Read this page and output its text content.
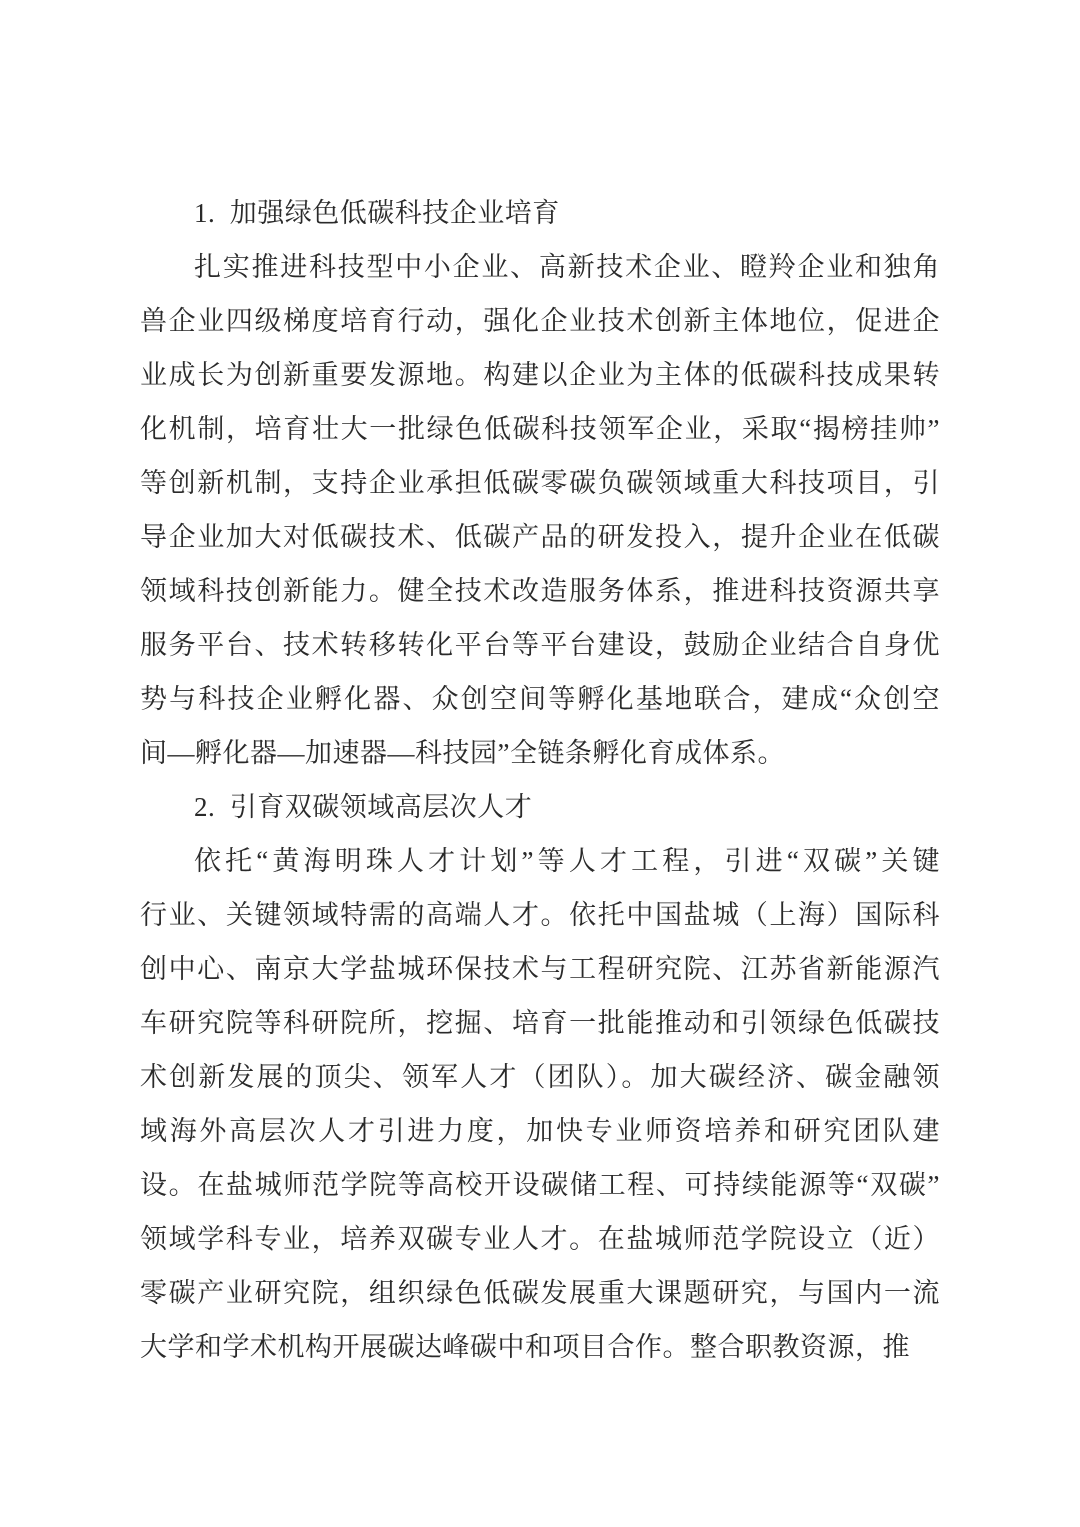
1.  加强绿色低碳科技企业培育

扎实推进科技型中小企业、高新技术企业、瞪羚企业和独角

兽企业四级梯度培育行动，强化企业技术创新主体地位，促进企

业成长为创新重要发源地。构建以企业为主体的低碳科技成果转

化机制，培育壮大一批绿色低碳科技领军企业，采取“揭榜挂帅”

等创新机制，支持企业承担低碳零碳负碳领域重大科技项目，引

导企业加大对低碳技术、低碳产品的研发投入，提升企业在低碳

领域科技创新能力。健全技术改造服务体系，推进科技资源共享

服务平台、技术转移转化平台等平台建设，鼓励企业结合自身优

势与科技企业孵化器、众创空间等孵化基地联合，建成“众创空

间—孵化器—加速器—科技园”全链条孵化育成体系。

2.  引育双碳领域高层次人才

依托“黄海明珠人才计划”等人才工程，引进“双碳”关键

行业、关键领域特需的高端人才。依托中国盐城（上海）国际科

创中心、南京大学盐城环保技术与工程研究院、江苏省新能源汽

车研究院等科研院所，挖掘、培育一批能推动和引领绿色低碳技

术创新发展的顶尖、领军人才（团队）。加大碳经济、碳金融领

域海外高层次人才引进力度，加快专业师资培养和研究团队建

设。在盐城师范学院等高校开设碳储工程、可持续能源等“双碳”

领域学科专业，培养双碳专业人才。在盐城师范学院设立（近）

零碳产业研究院，组织绿色低碳发展重大课题研究，与国内一流

大学和学术机构开展碳达峰碳中和项目合作。整合职教资源，推
